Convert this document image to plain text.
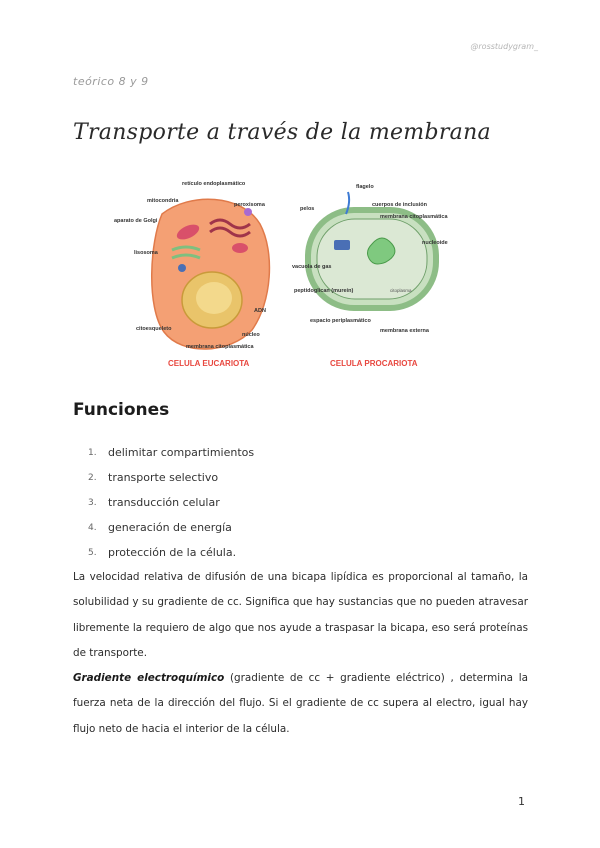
@rosstudygram_
teórico 8 y 9
Transporte a través de la membrana
retículo endoplasmático
mitocondria
peroxisoma
aparato de Golgi
lisosoma
ADN
citoesqueleto
núcleo
membrana citoplasmática
CELULA EUCARIOTA
flagelo
pelos
cuerpos de inclusión
membrana citoplasmática
nucleoide
vacuola de gas
peptidoglican (mureín)	citoplasma
espacio periplasmático
membrana externa
CELULA PROCARIOTA
Funciones
1.	delimitar compartimientos
2.	transporte selectivo
3.	transducción celular
4.	generación de energía
5.	protección de la célula.

La velocidad relativa de difusión de una bicapa lipídica es proporcional al tamaño, la solubilidad y su gradiente de cc. Significa que hay sustancias que no pueden atravesar libremente la requiero de algo que nos ayude a traspasar la bicapa, eso será proteínas de transporte.

Gradiente electroquímico (gradiente de cc + gradiente eléctrico) , determina la fuerza neta de la dirección del flujo. Si el gradiente de cc supera al electro, igual hay flujo neto de hacia el interior de la célula.

1
